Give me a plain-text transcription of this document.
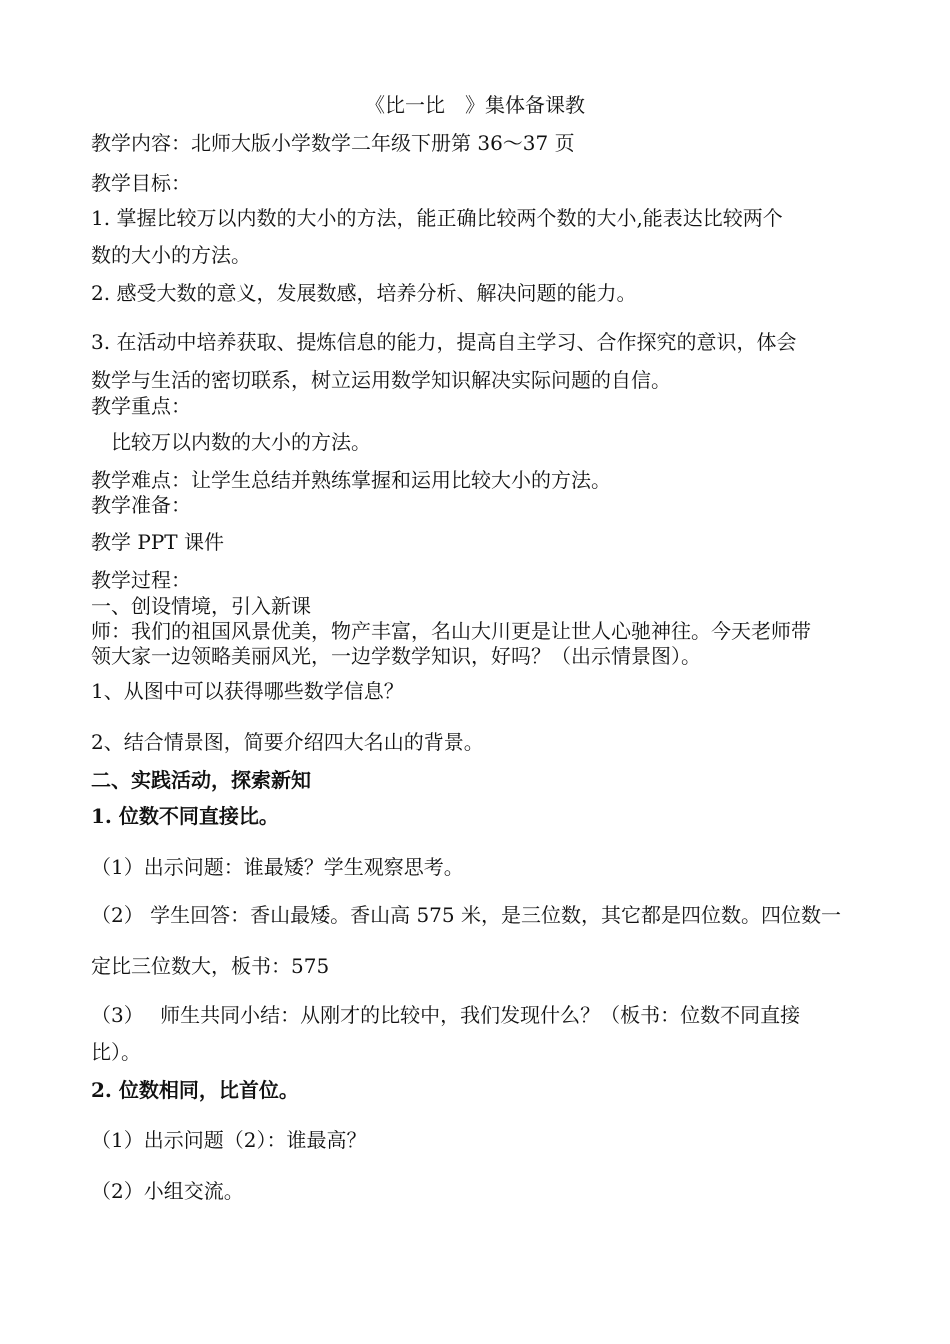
《比一比　》集体备课教
教学内容：北师大版小学数学二年级下册第 36～37 页
教学目标：
1. 掌握比较万以内数的大小的方法，能正确比较两个数的大小,能表达比较两个
数的大小的方法。
2. 感受大数的意义，发展数感，培养分析、解决问题的能力。
3. 在活动中培养获取、提炼信息的能力，提高自主学习、合作探究的意识，体会
数学与生活的密切联系，树立运用数学知识解决实际问题的自信。
教学重点：
　比较万以内数的大小的方法。
教学难点：让学生总结并熟练掌握和运用比较大小的方法。
教学准备：
教学 PPT 课件
教学过程：
一、创设情境，引入新课
师：我们的祖国风景优美，物产丰富，名山大川更是让世人心驰神往。今天老师带
领大家一边领略美丽风光，一边学数学知识，好吗？（出示情景图）。
1、从图中可以获得哪些数学信息？
2、结合情景图，简要介绍四大名山的背景。
二、实践活动，探索新知
1. 位数不同直接比。
（1）出示问题：谁最矮？学生观察思考。
（2） 学生回答：香山最矮。香山高 575 米，是三位数，其它都是四位数。四位数一
定比三位数大，板书：575
（3）　 师生共同小结：从刚才的比较中，我们发现什么？（板书：位数不同直接
比）。
2. 位数相同，比首位。
（1）出示问题（2）：谁最高？
（2）小组交流。
